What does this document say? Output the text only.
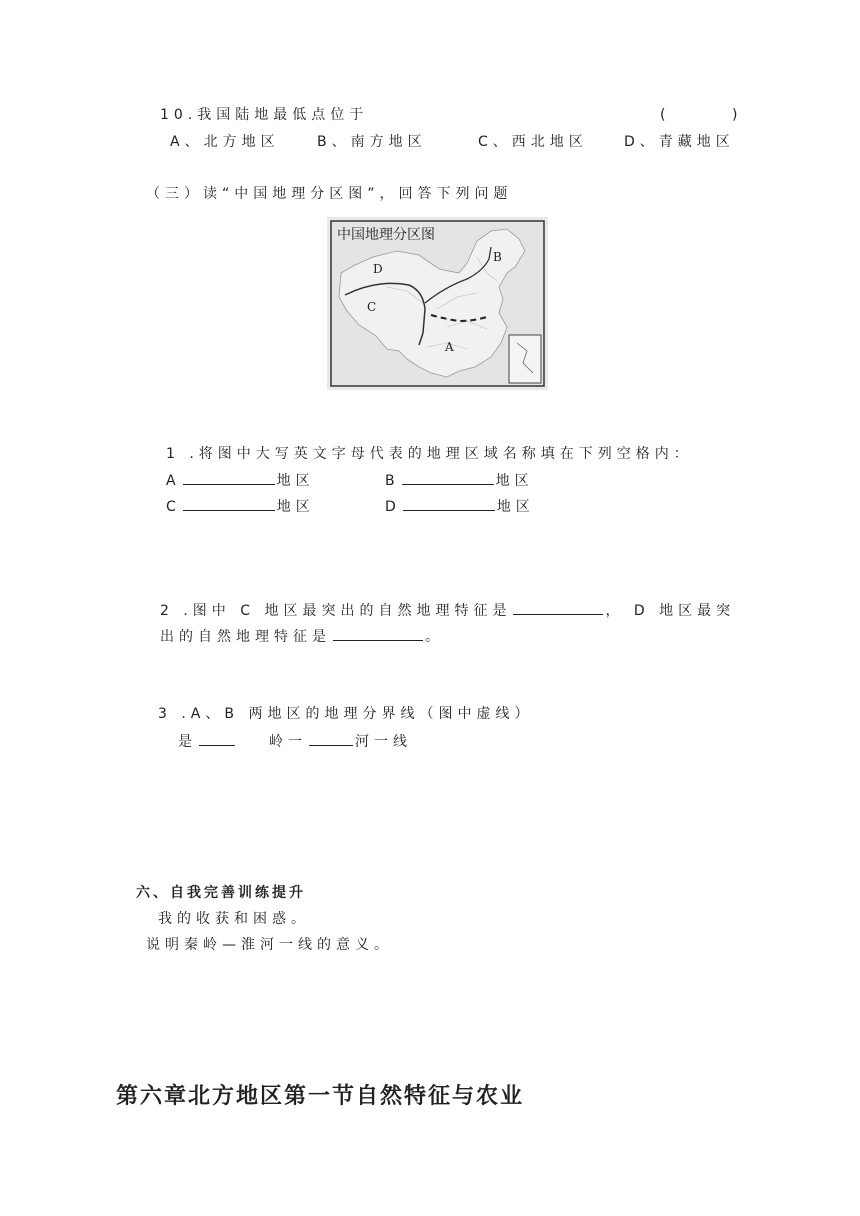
10.我国陆地最低点位于	(	)
A、北方地区	B、南方地区	C、西北地区	D、青藏地区
（三）读“中国地理分区图”，回答下列问题
中国地理分区图
D
C
B
A
1 .将图中大写英文字母代表的地理区域名称填在下列空格内：
A	地区	B	地区
C	地区	D	地区
2 .图中 C 地区最突出的自然地理特征是	， D 地区最突
出的自然地理特征是	。
3 .A、B 两地区的地理分界线（图中虚线）
是	岭一	河一线
六、自我完善训练提升
我的收获和困惑。
说明秦岭—淮河一线的意义。
第六章北方地区第一节自然特征与农业
